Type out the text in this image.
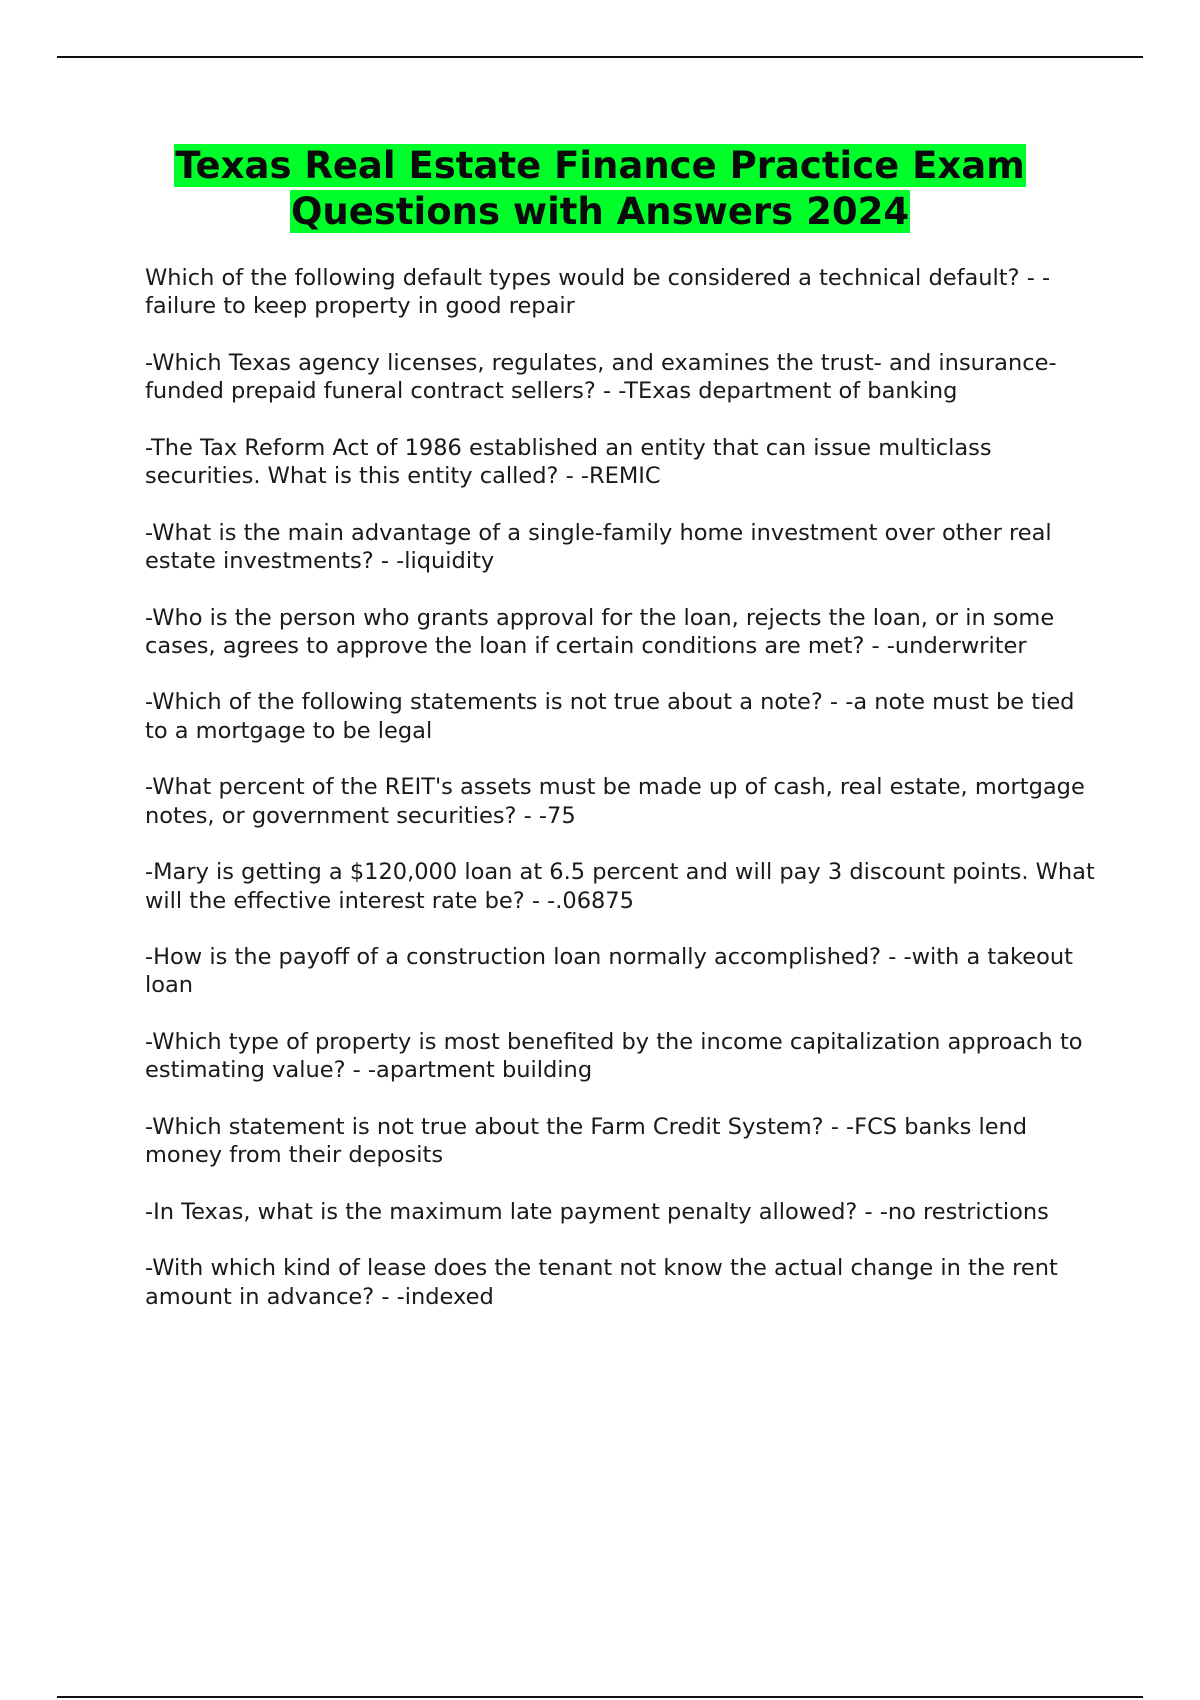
Texas Real Estate Finance Practice Exam Questions with Answers 2024
Which of the following default types would be considered a technical default? - -failure to keep property in good repair
-Which Texas agency licenses, regulates, and examines the trust- and insurance-funded prepaid funeral contract sellers? - -TExas department of banking
-The Tax Reform Act of 1986 established an entity that can issue multiclass securities. What is this entity called? - -REMIC
-What is the main advantage of a single-family home investment over other real estate investments? - -liquidity
-Who is the person who grants approval for the loan, rejects the loan, or in some cases, agrees to approve the loan if certain conditions are met? - -underwriter
-Which of the following statements is not true about a note? - -a note must be tied to a mortgage to be legal
-What percent of the REIT's assets must be made up of cash, real estate, mortgage notes, or government securities? - -75
-Mary is getting a $120,000 loan at 6.5 percent and will pay 3 discount points. What will the effective interest rate be? - -.06875
-How is the payoff of a construction loan normally accomplished? - -with a takeout loan
-Which type of property is most benefited by the income capitalization approach to estimating value? - -apartment building
-Which statement is not true about the Farm Credit System? - -FCS banks lend money from their deposits
-In Texas, what is the maximum late payment penalty allowed? - -no restrictions
-With which kind of lease does the tenant not know the actual change in the rent amount in advance? - -indexed
